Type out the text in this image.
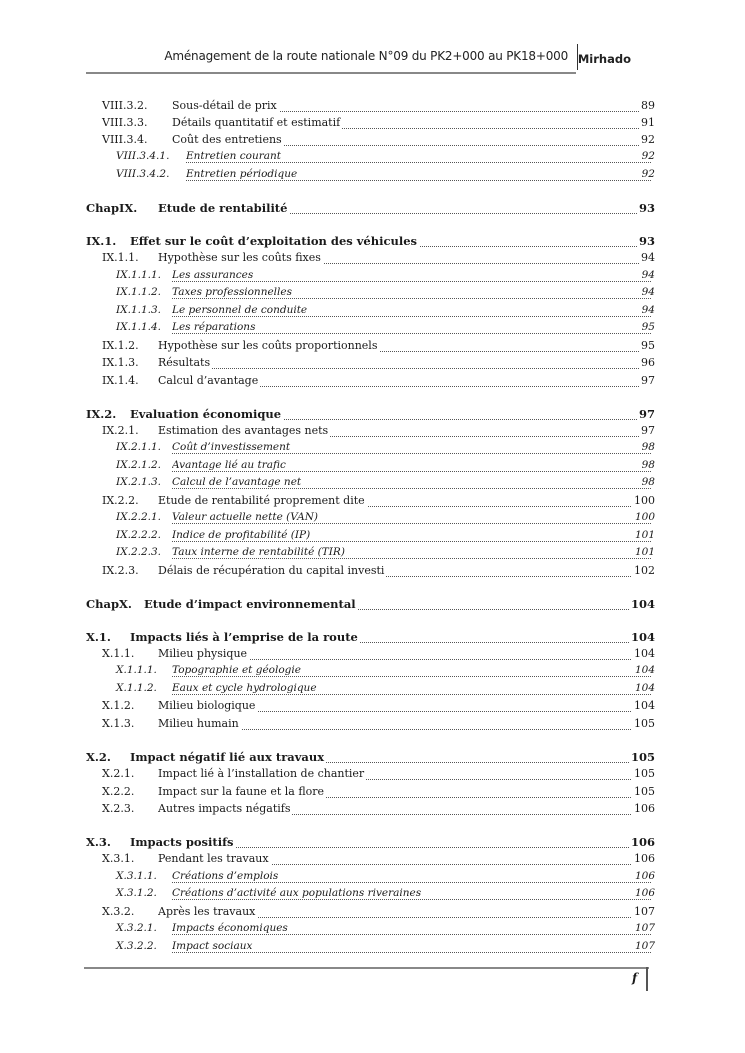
Aménagement de la route nationale N°09 du PK2+000 au PK18+000 Mirhado
VIII.3.2. Sous-détail de prix	89
VIII.3.3. Détails quantitatif et estimatif	91
VIII.3.4. Coût des entretiens	92
VIII.3.4.1. Entretien courant	92
VIII.3.4.2. Entretien périodique	92
ChapIX. Etude de rentabilité	93
IX.1. Effet sur le coût d’exploitation des véhicules	93
IX.1.1. Hypothèse sur les coûts fixes	94
IX.1.1.1. Les assurances	94
IX.1.1.2. Taxes professionnelles	94
IX.1.1.3. Le personnel de conduite	94
IX.1.1.4. Les réparations	95
IX.1.2. Hypothèse sur les coûts proportionnels	95
IX.1.3. Résultats	96
IX.1.4. Calcul d’avantage	97
IX.2. Evaluation économique	97
IX.2.1. Estimation des avantages nets	97
IX.2.1.1. Coût d’investissement	98
IX.2.1.2. Avantage lié au trafic	98
IX.2.1.3. Calcul de l’avantage net	98
IX.2.2. Etude de rentabilité proprement dite	100
IX.2.2.1. Valeur actuelle nette (VAN)	100
IX.2.2.2. Indice de profitabilité (IP)	101
IX.2.2.3. Taux interne de rentabilité (TIR)	101
IX.2.3. Délais de récupération du capital investi	102
ChapX. Etude d’impact environnemental	104
X.1. Impacts liés à l’emprise de la route	104
X.1.1. Milieu physique	104
X.1.1.1. Topographie et géologie	104
X.1.1.2. Eaux et cycle hydrologique	104
X.1.2. Milieu biologique	104
X.1.3. Milieu humain	105
X.2. Impact négatif lié aux travaux	105
X.2.1. Impact lié à l’installation de chantier	105
X.2.2. Impact sur la faune et la flore	105
X.2.3. Autres impacts négatifs	106
X.3. Impacts positifs	106
X.3.1. Pendant les travaux	106
X.3.1.1. Créations d’emplois	106
X.3.1.2. Créations d’activité aux populations riveraines	106
X.3.2. Après les travaux	107
X.3.2.1. Impacts économiques	107
X.3.2.2. Impact sociaux	107
f
